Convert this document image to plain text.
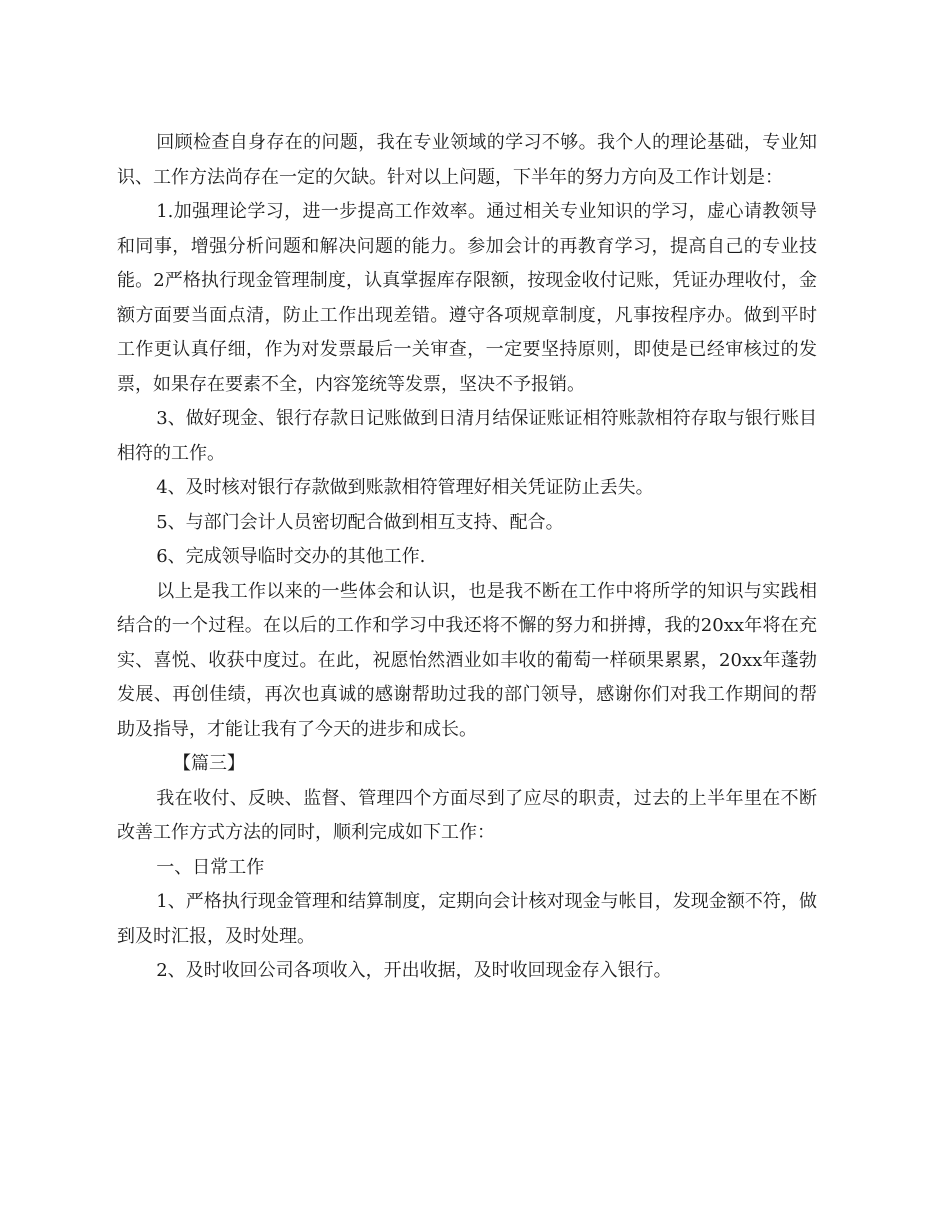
回顾检查自身存在的问题，我在专业领域的学习不够。我个人的理论基础，专业知识、工作方法尚存在一定的欠缺。针对以上问题，下半年的努力方向及工作计划是：

1.加强理论学习，进一步提高工作效率。通过相关专业知识的学习，虚心请教领导和同事，增强分析问题和解决问题的能力。参加会计的再教育学习，提高自己的专业技能。2严格执行现金管理制度，认真掌握库存限额，按现金收付记账，凭证办理收付，金额方面要当面点清，防止工作出现差错。遵守各项规章制度，凡事按程序办。做到平时工作更认真仔细，作为对发票最后一关审查，一定要坚持原则，即使是已经审核过的发票，如果存在要素不全，内容笼统等发票，坚决不予报销。

3、做好现金、银行存款日记账做到日清月结保证账证相符账款相符存取与银行账目相符的工作。

4、及时核对银行存款做到账款相符管理好相关凭证防止丢失。

5、与部门会计人员密切配合做到相互支持、配合。

6、完成领导临时交办的其他工作.

以上是我工作以来的一些体会和认识，也是我不断在工作中将所学的知识与实践相结合的一个过程。在以后的工作和学习中我还将不懈的努力和拼搏，我的20xx年将在充实、喜悦、收获中度过。在此，祝愿怡然酒业如丰收的葡萄一样硕果累累，20xx年蓬勃发展、再创佳绩，再次也真诚的感谢帮助过我的部门领导，感谢你们对我工作期间的帮助及指导，才能让我有了今天的进步和成长。

【篇三】

我在收付、反映、监督、管理四个方面尽到了应尽的职责，过去的上半年里在不断改善工作方式方法的同时，顺利完成如下工作：

一、日常工作

1、严格执行现金管理和结算制度，定期向会计核对现金与帐目，发现金额不符，做到及时汇报，及时处理。

2、及时收回公司各项收入，开出收据，及时收回现金存入银行。
